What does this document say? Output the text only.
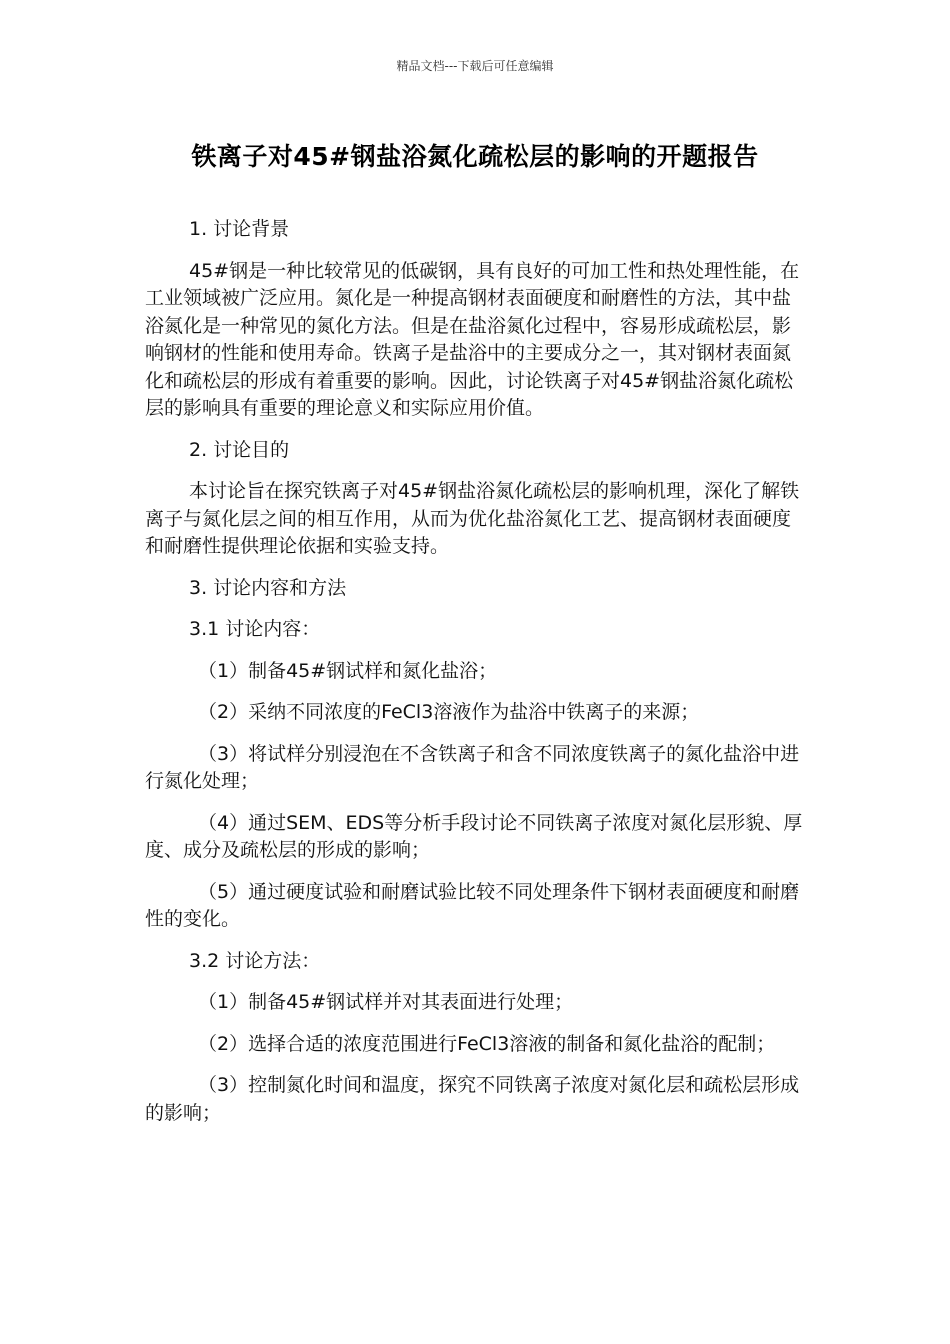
精品文档---下载后可任意编辑
铁离子对45#钢盐浴氮化疏松层的影响的开题报告

1. 讨论背景

45#钢是一种比较常见的低碳钢，具有良好的可加工性和热处理性能，在工业领域被广泛应用。氮化是一种提高钢材表面硬度和耐磨性的方法，其中盐浴氮化是一种常见的氮化方法。但是在盐浴氮化过程中，容易形成疏松层，影响钢材的性能和使用寿命。铁离子是盐浴中的主要成分之一，其对钢材表面氮化和疏松层的形成有着重要的影响。因此，讨论铁离子对45#钢盐浴氮化疏松层的影响具有重要的理论意义和实际应用价值。

2. 讨论目的

本讨论旨在探究铁离子对45#钢盐浴氮化疏松层的影响机理，深化了解铁离子与氮化层之间的相互作用，从而为优化盐浴氮化工艺、提高钢材表面硬度和耐磨性提供理论依据和实验支持。

3. 讨论内容和方法

3.1 讨论内容：

（1）制备45#钢试样和氮化盐浴；

（2）采纳不同浓度的FeCl3溶液作为盐浴中铁离子的来源；

（3）将试样分别浸泡在不含铁离子和含不同浓度铁离子的氮化盐浴中进行氮化处理；

（4）通过SEM、EDS等分析手段讨论不同铁离子浓度对氮化层形貌、厚度、成分及疏松层的形成的影响；

（5）通过硬度试验和耐磨试验比较不同处理条件下钢材表面硬度和耐磨性的变化。

3.2 讨论方法：

（1）制备45#钢试样并对其表面进行处理；

（2）选择合适的浓度范围进行FeCl3溶液的制备和氮化盐浴的配制；

（3）控制氮化时间和温度，探究不同铁离子浓度对氮化层和疏松层形成的影响；
